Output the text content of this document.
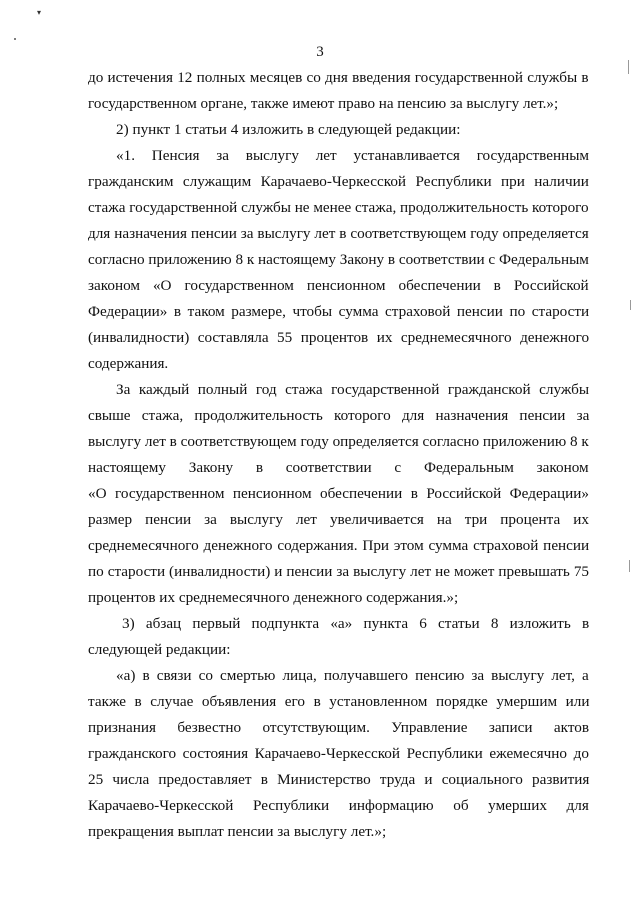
▾
3
до истечения 12 полных месяцев со дня введения государственной службы в
государственном органе, также имеют право на пенсию за выслугу лет.»;
2) пункт 1 статьи 4 изложить в следующей редакции:
«1. Пенсия за выслугу лет устанавливается государственным
гражданским служащим Карачаево-Черкесской Республики при наличии
стажа государственной службы не менее стажа, продолжительность которого
для назначения пенсии за выслугу лет в соответствующем году определяется
согласно приложению 8 к настоящему Закону в соответствии с Федеральным
законом «О государственном пенсионном обеспечении в Российской
Федерации» в таком размере, чтобы сумма страховой пенсии по старости
(инвалидности) составляла 55 процентов их среднемесячного денежного
содержания.
За каждый полный год стажа государственной гражданской службы
свыше стажа, продолжительность которого для назначения пенсии за
выслугу лет в соответствующем году определяется согласно приложению 8 к
настоящему Закону в соответствии с Федеральным законом
«О государственном пенсионном обеспечении в Российской Федерации»
размер пенсии за выслугу лет увеличивается на три процента их
среднемесячного денежного содержания. При этом сумма страховой пенсии
по старости (инвалидности) и пенсии за выслугу лет не может превышать 75
процентов их среднемесячного денежного содержания.»;
3) абзац первый подпункта «а» пункта 6 статьи 8 изложить в
следующей редакции:
«а) в связи со смертью лица, получавшего пенсию за выслугу лет, а
также в случае объявления его в установленном порядке умершим или
признания безвестно отсутствующим. Управление записи актов
гражданского состояния Карачаево-Черкесской Республики ежемесячно до
25 числа предоставляет в Министерство труда и социального развития
Карачаево-Черкесской Республики информацию об умерших для
прекращения выплат пенсии за выслугу лет.»;
